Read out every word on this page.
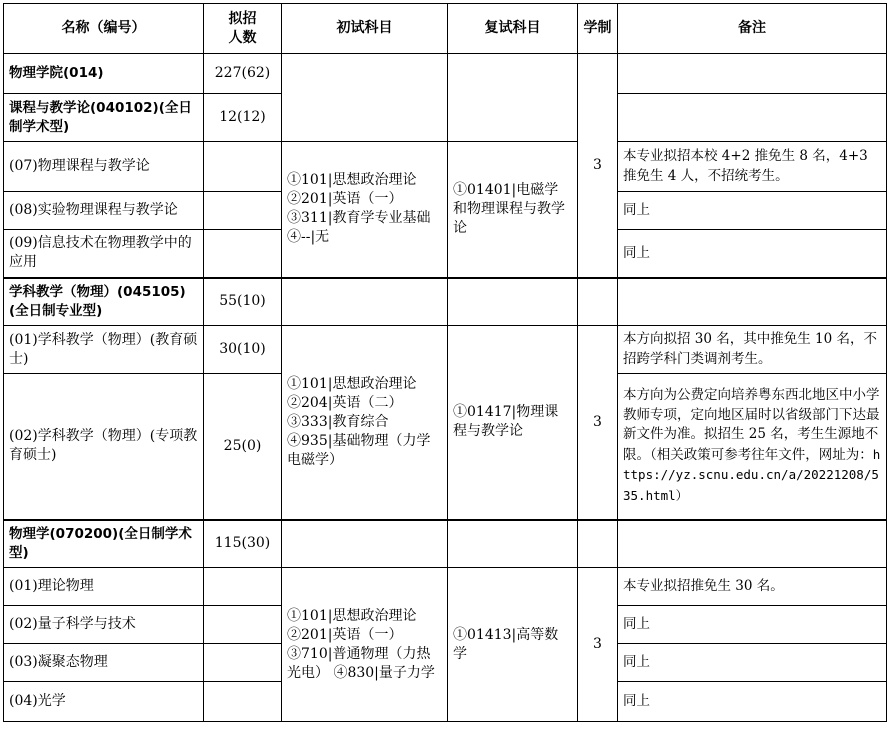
名称（编号）	拟招
人数	初试科目	复试科目	学制	备注
物理学院(014)	227(62)			3	
课程与教学论(040102)(全日制学术型)	12(12)				
(07)物理课程与教学论		①101|思想政治理论
②201|英语（一）
③311|教育学专业基础
④--|无	①01401|电磁学和物理课程与教学论		本专业拟招本校 4+2 推免生 8 名，4+3 推免生 4 人，不招统考生。
(08)实验物理课程与教学论					同上
(09)信息技术在物理教学中的应用					同上
学科教学（物理）(045105)(全日制专业型)	55(10)				
(01)学科教学（物理）(教育硕士)	30(10)	①101|思想政治理论
②204|英语（二）
③333|教育综合
④935|基础物理（力学电磁学）	①01417|物理课程与教学论	3	本方向拟招 30 名，其中推免生 10 名，不招跨学科门类调剂考生。
(02)学科教学（物理）(专项教育硕士)	25(0)				本方向为公费定向培养粤东西北地区中小学教师专项，定向地区届时以省级部门下达最新文件为准。拟招生 25 名，考生生源地不限。（相关政策可参考往年文件，网址为：https://yz.scnu.edu.cn/a/20221208/535.html）
物理学(070200)(全日制学术型)	115(30)				
(01)理论物理		①101|思想政治理论
②201|英语（一）
③710|普通物理（力热光电） ④830|量子力学	①01413|高等数学	3	本专业拟招推免生 30 名。
(02)量子科学与技术					同上
(03)凝聚态物理					同上
(04)光学					同上
